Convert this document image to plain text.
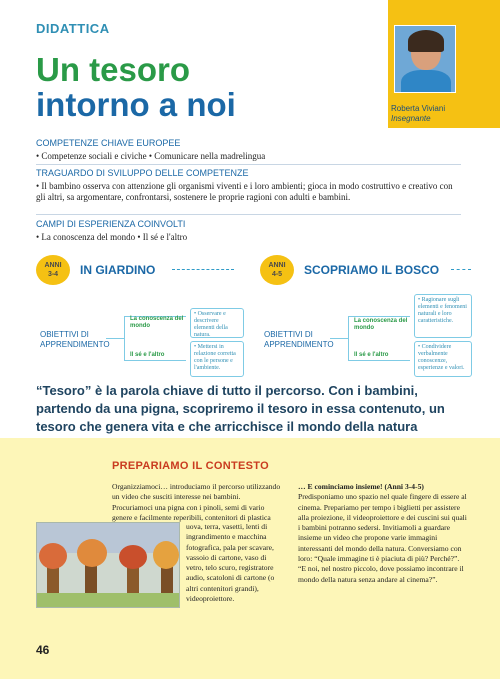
DIDATTICA
Un tesoro
intorno a noi	Roberta Viviani
Insegnante
COMPETENZE CHIAVE EUROPEE
• Competenze sociali e civiche • Comunicare nella madrelingua
TRAGUARDO DI SVILUPPO DELLE COMPETENZE
• Il bambino osserva con attenzione gli organismi viventi e i loro ambienti; gioca in modo costruttivo e creativo con gli altri, sa argomentare, confrontarsi, sostenere le proprie ragioni con adulti e bambini.
CAMPI DI ESPERIENZA COINVOLTI
• La conoscenza del mondo • Il sé e l'altro
ANNI
3-4	IN GIARDINO
OBIETTIVI DI
APPRENDIMENTO
La conoscenza del mondo
• Osservare e descrivere elementi della natura.
Il sé e l'altro
• Mettersi in relazione corretta con le persone e l'ambiente.
ANNI
4-5	SCOPRIAMO IL BOSCO
OBIETTIVI DI
APPRENDIMENTO
La conoscenza del mondo
• Ragionare sugli elementi e fenomeni naturali e loro caratteristiche.
Il sé e l'altro
• Condividere verbalmente conoscenze, esperienze e valori.
“Tesoro” è la parola chiave di tutto il percorso. Con i bambini, partendo da una pigna, scopriremo il tesoro in essa contenuto, un tesoro che genera vita e che arricchisce il mondo della natura
PREPARIAMO IL CONTESTO
Organizziamoci… introduciamo il percorso utilizzando un video che susciti interesse nei bambini. Procuriamoci una pigna con i pinoli, semi di vario genere e facilmente reperibili, contenitori di plastica
uova, terra, vasetti, lenti di ingrandimento e macchina fotografica, pala per scavare, vassoio di cartone, vaso di vetro, telo scuro, registratore audio, scatoloni di cartone (o altri contenitori grandi), videoproiettore.
… E cominciamo insieme! (Anni 3-4-5)
Predisponiamo uno spazio nel quale fingere di essere al cinema. Prepariamo per tempo i biglietti per assistere alla proiezione, il videoproiettore e dei cuscini sui quali i bambini potranno sedersi. Invitiamoli a guardare insieme un video che propone varie immagini interessanti del mondo della natura. Conversiamo con loro: “Quale immagine ti è piaciuta di più? Perché?”. “E noi, nel nostro piccolo, dove possiamo incontrare il mondo della natura senza andare al cinema?”.
46
